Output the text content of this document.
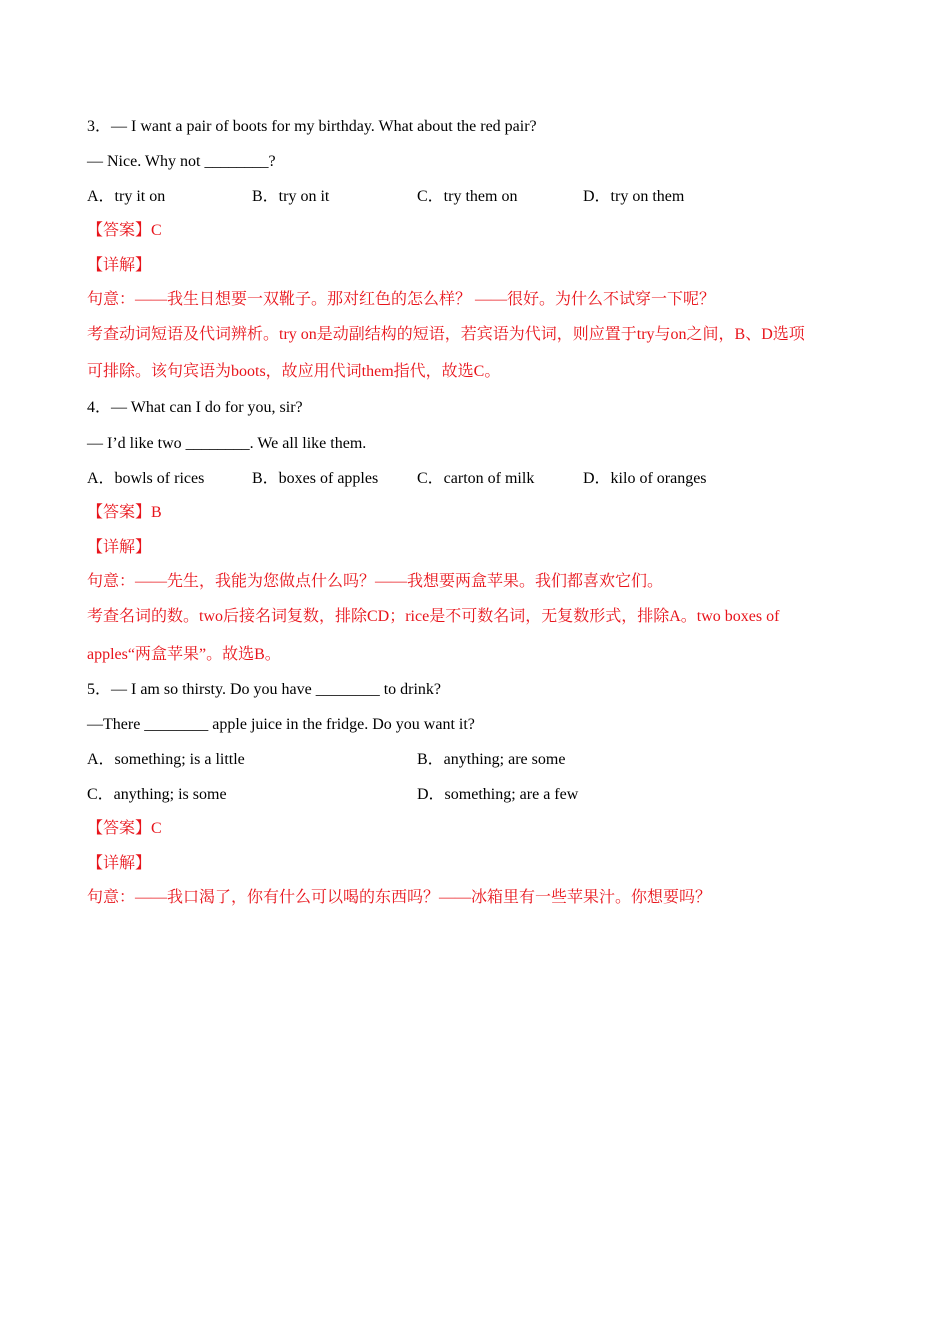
3．— I want a pair of boots for my birthday. What about the red pair?
— Nice. Why not ________?
A．try it on	B．try on it	C．try them on	D．try on them
【答案】C
【详解】
句意：——我生日想要一双靴子。那对红色的怎么样？ ——很好。为什么不试穿一下呢？
考查动词短语及代词辨析。try on是动副结构的短语，若宾语为代词，则应置于try与on之间，B、D选项
可排除。该句宾语为boots，故应用代词them指代，故选C。
4．— What can I do for you, sir?
— I’d like two ________. We all like them.
A．bowls of rices	B．boxes of apples C．carton of milk	D．kilo of oranges
【答案】B
【详解】
句意：——先生，我能为您做点什么吗？——我想要两盒苹果。我们都喜欢它们。
考查名词的数。two后接名词复数，排除CD；rice是不可数名词，无复数形式，排除A。two boxes of
apples“两盒苹果”。故选B。
5．— I am so thirsty. Do you have ________ to drink?
—There ________ apple juice in the fridge. Do you want it?
A．something; is a little	B．anything; are some
C．anything; is some	D．something; are a few
【答案】C
【详解】
句意：——我口渴了，你有什么可以喝的东西吗？——冰箱里有一些苹果汁。你想要吗？
